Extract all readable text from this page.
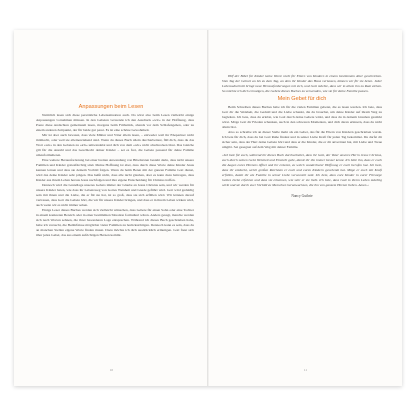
Anpassungen beim Lesen

Natürlich lesen sich diese persönliche Lebenssituation auch. Da wirst also beim Lesen vielleicht einige Anpassungen vornehmen müssen. In den Gebeten verwende ich den Ausdruck »wir« in der Hoffnung, dass Paare diese Andachten gemeinsam lesen, morgens beim Frühstück, abends vor dem Schlafengehen, oder zu einem anderen Zeitpunkt, der für beide gut passt. Es ist eine schöne Gewohnheit.

Mir ist aber auch bewusst, dass viele Mütter und Väter allein lesen, – entweder weil ihr Ehepartner nicht mitmacht, oder weil sie alleinerziehend sind. Wenn du dieses Buch allein durcharbeitest, füll dich, dass du das Wort »wir« in den Gebeten zu »ich« umwandelst und dich von dem »wir« nicht abschrecken lässt. Das Gleiche gilt für die Anzahl und das Geschlecht deiner Kinder – sei es frei, die Gebete passend für deine Familie umzuformulieren.

Eine weitere Herausforderung bei einer breiten Anwendung von Bibeltexten besteht darin, dass nicht unsere Familien und Kinder gottesfürchtig sind. Meine Hoffnung ist aber, dass durch diese Worte deine Kinder Jesus kennen lernen und dass sie deinem Vorbild folgen. Wenn du beim Beten mit der ganzen Familie Gott dienst, wird das deine Kinder sehr prägen. Das heißt nicht, dass alle nicht glauben, aber es kann dazu beitragen, dass Kinder aus ihrem Leben heraus Jesus nachfolgen und ihre eigene Entscheidung für Christus treffen.

Dennoch wird die Grundlage unseres Gebets immer der Glaube an Jesus Christus sein, und wir werden für unsere Kinder beten, wie dass ihr Lebensweg von Gottes Weisheit und Gnade geführt wird. Gott wird geduldig sein mit ihnen und die Liebe, die er für sie hat, ist so groß, dass sie sich erfüllen wird. Wir können darauf vertrauen, dass Gott die Gebete hört, die wir für unsere Kinder bringen, und dass er in ihrem Leben wirken wird, auch wenn wir es nicht immer sehen.

Einige Leser dieses Buches werden sich vielleicht wünschen, dass Gebete für einen Sohn oder eine Tochter in einem konkreten Bereich oder in einer bestimmten Situation formuliert wären. Anders gesagt, manche werden sich nach Worten sehnen, die ihrer besonderen Lage entsprechen. Während ich dieses Buch geschrieben habe, habe ich versucht, die Bedürfnisse möglichst vieler Familien zu berücksichtigen. Dennoch kann es sein, dass du an manchen Stellen eigene Worte finden musst. Dazu möchte ich dich ausdrücklich ermutigen. Gott freut sich über jedes Gebet, das aus einem aufrichtigen Herzen kommt.

10

Hilf der Bibel für Kinder keine Worte nicht für Eltern von Kindern in einem bestimmten Alter geschrieben. Vom Tag der Geburt an bis zu dem Tag, an dem ihr Kinder das Haus verlassen, können wir für sie beten. Jeder Lebensabschnitt bringt neue Herausforderungen mit sich, und Gott möchte, dass wir in allem ihn zu Rate ziehen. So möchte ich dich ermutigen, die Gebete dieses Buches zu verwenden, wie sie für deine Familie passen.

Mein Gebet für dich

Beim Schreiben dieses Buches habe ich für die vielen Familien gebetet, die es lesen werden. Ich bete, dass Gott dir die Weisheit, die Geduld und die Liebe schenkt, die du brauchst, um deine Kinder auf ihrem Weg zu begleiten. Ich bete, dass du erlebst, wie Gott durch deine Gebete wirkt, und dass du in deinem Glauben gestärkt wirst. Möge Gott dir Frieden schenken, auch in den schweren Momenten, und dich daran erinnern, dass du nicht allein bist.

Also so schreibe ich an dieser Stelle mehr als ein Gebet, das für die Eltern von Kindern geschrieben wurde. Ich bete für dich, dass du bei Gott Ruhe findest und in seiner Liebe Kraft für jeden Tag bekommst. Du darfst dir sicher sein, dass der Herr deine Gebete hört und dass er die Kinder, die er dir anvertraut hat, mit Liebe und Treue umgibt. Sei gesegnet auf dem Weg mit deiner Familie.

»Ich bete für euch, während ihr dieses Buch durcharbeitet, dass ihr Gott, der Vater unseres Herrn Jesus Christus, euch durch seinen Geist Weisheit und Einsicht gebe, damit ihr ihn immer besser kennt. Ich bitte ihn, dass er euch die Augen eures Herzens öffnet und ihr erkennt, zu welch wunderbarer Hoffnung er euch berufen hat. Ich bete, dass ihr entdeckt, welch großen Reichtum er euch und euren Kindern geschenkt hat. Möge er euch mit Kraft erfüllen, damit ihr als Familie in seiner Liebe verwurzelt seid. Ich bete, dass eure Kinder in eurer Fürsorge Gottes Liebe erfahren und dass sie erkennen, wie sehr er sie liebt. Ich bete, dass Gott in ihrem Leben mächtig wirkt und sie durch euer Vorbild zu Menschen heranwachsen, die ihn von ganzem Herzen lieben. Amen.«

Nancy Guthrie
11
